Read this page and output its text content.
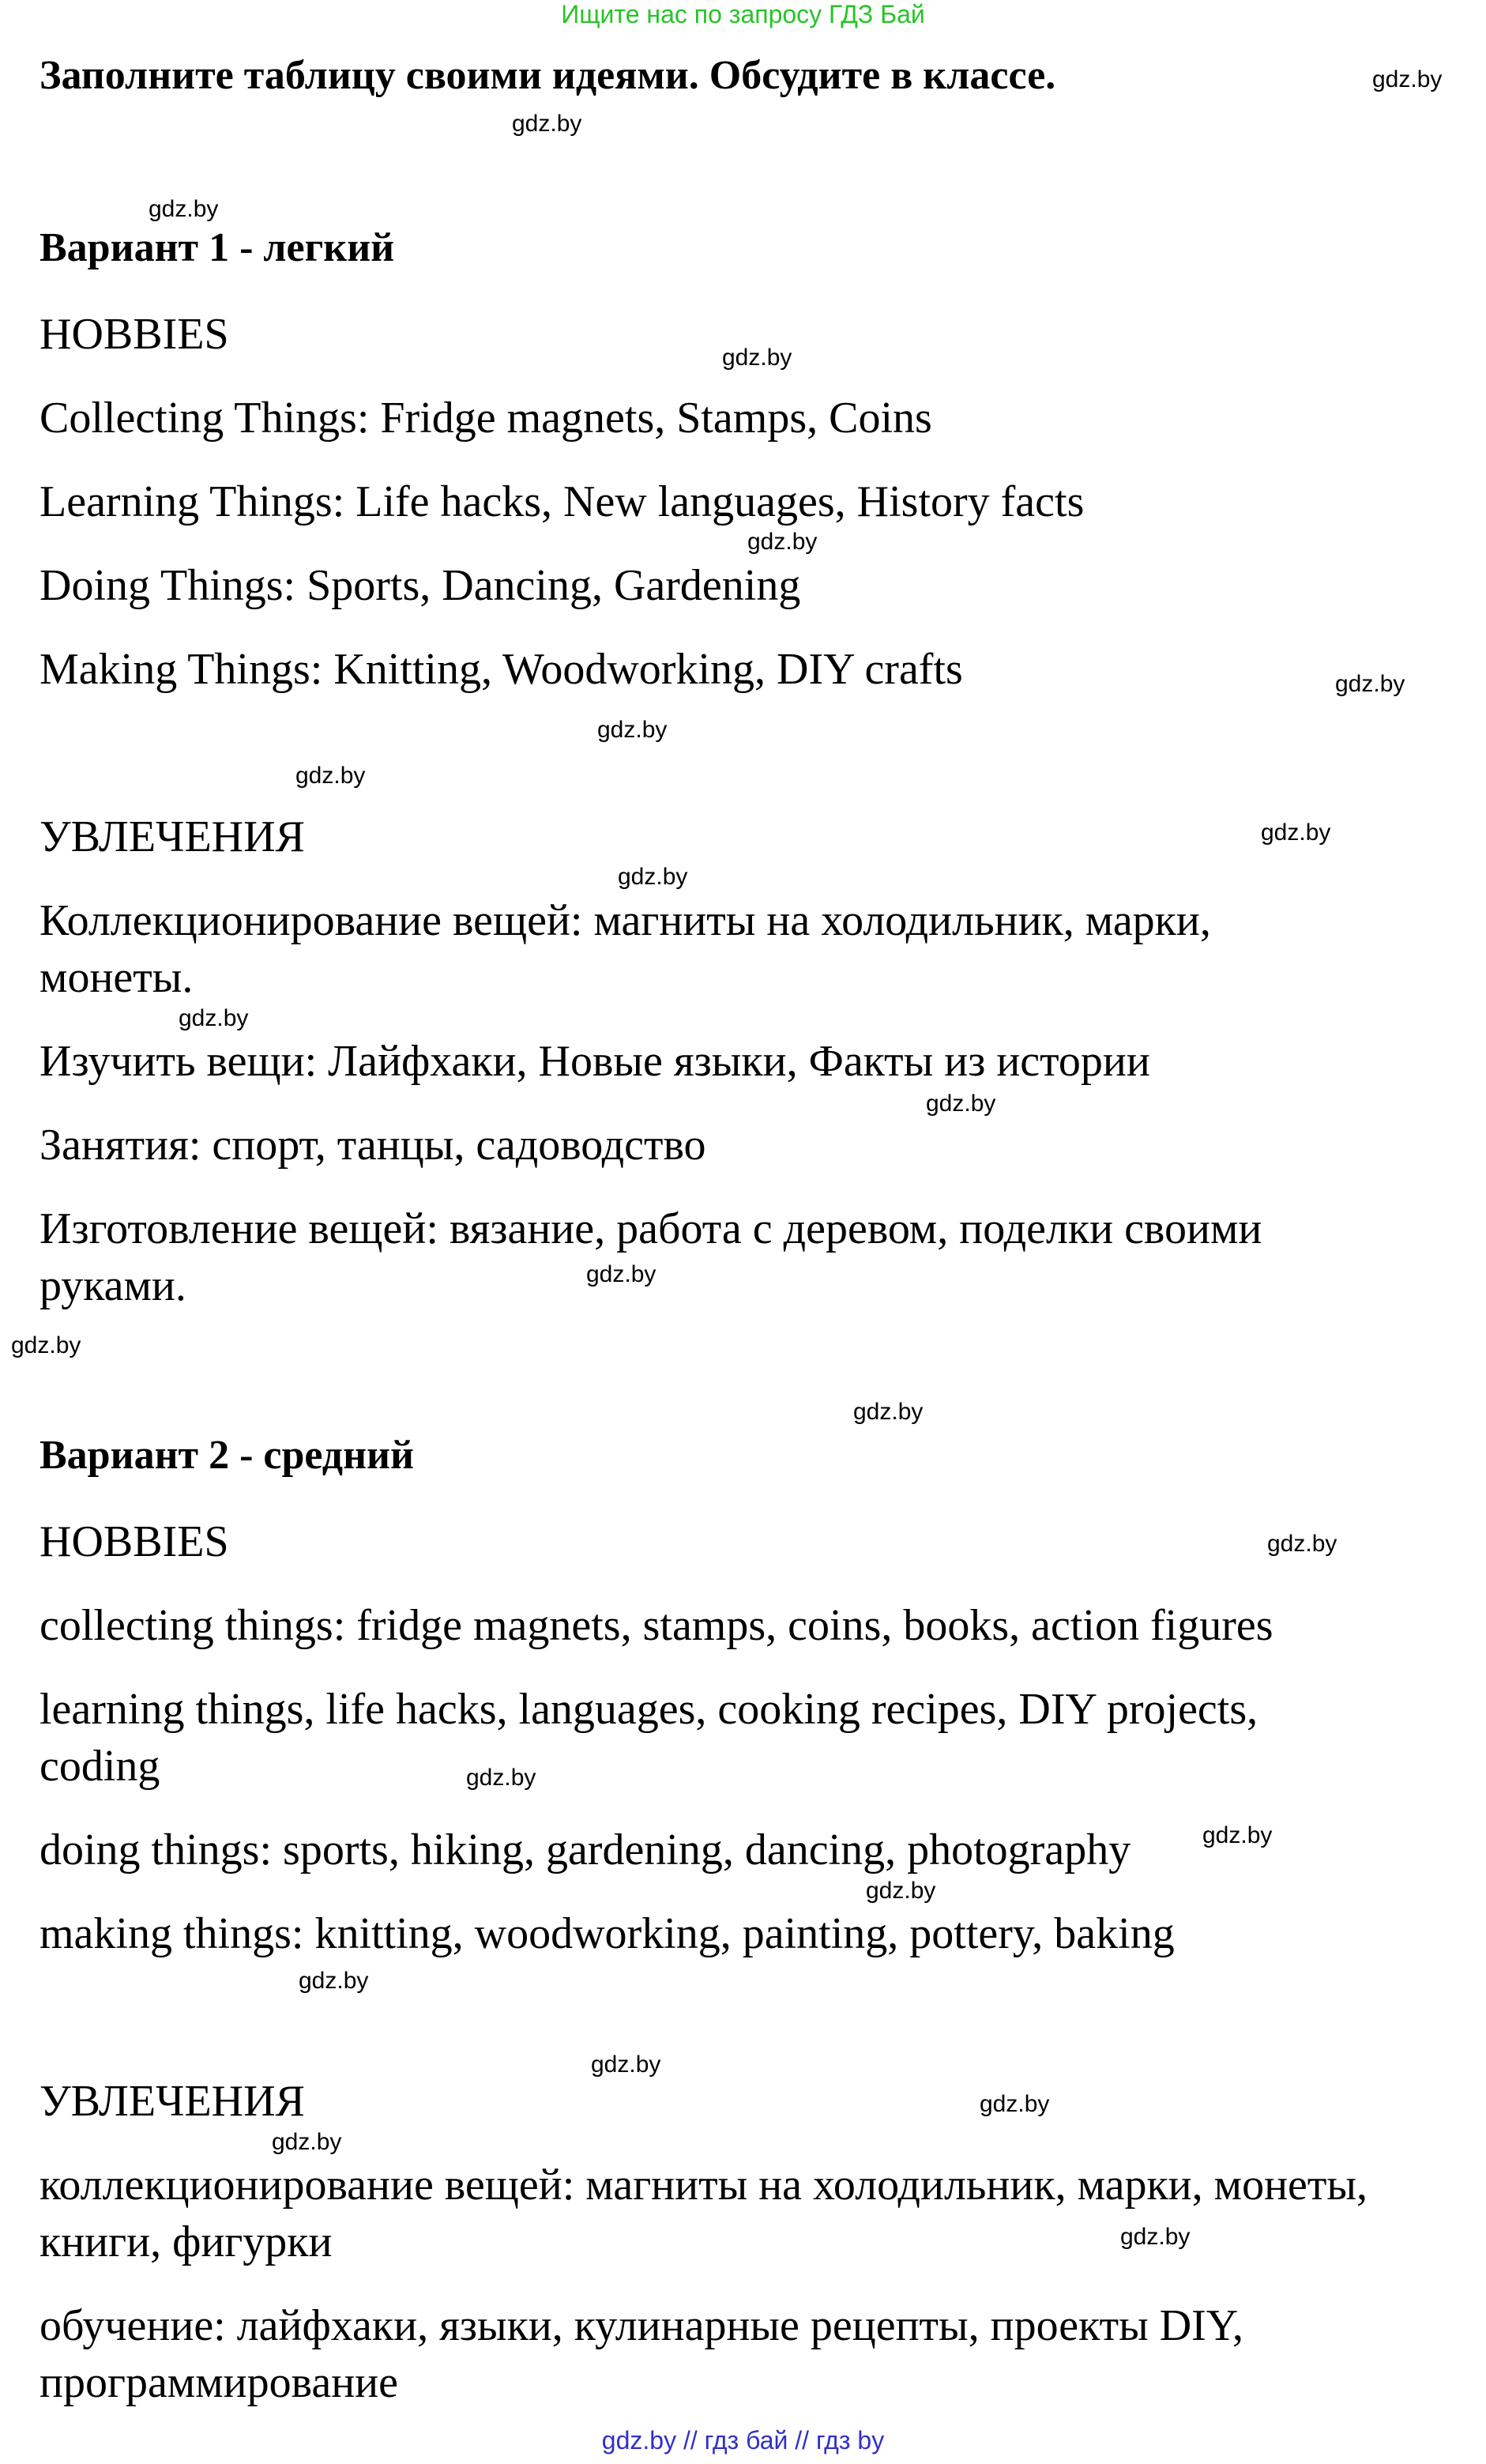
Ищите нас по запросу ГДЗ Бай
Заполните таблицу своими идеями. Обсудите в классе.
Вариант 1 - легкий
HOBBIES
Collecting Things: Fridge magnets, Stamps, Coins
Learning Things: Life hacks, New languages, History facts
Doing Things: Sports, Dancing, Gardening
Making Things: Knitting, Woodworking, DIY crafts
УВЛЕЧЕНИЯ
Коллекционирование вещей: магниты на холодильник, марки,
монеты.
Изучить вещи: Лайфхаки, Новые языки, Факты из истории
Занятия: спорт, танцы, садоводство
Изготовление вещей: вязание, работа с деревом, поделки своими
руками.
Вариант 2 - средний
HOBBIES
collecting things: fridge magnets, stamps, coins, books, action figures
learning things, life hacks, languages, cooking recipes, DIY projects,
coding
doing things: sports, hiking, gardening, dancing, photography
making things: knitting, woodworking, painting, pottery, baking
УВЛЕЧЕНИЯ
коллекционирование вещей: магниты на холодильник, марки, монеты,
книги, фигурки
обучение: лайфхаки, языки, кулинарные рецепты, проекты DIY,
программирование
gdz.by
gdz.by
gdz.by
gdz.by
gdz.by
gdz.by
gdz.by
gdz.by
gdz.by
gdz.by
gdz.by
gdz.by
gdz.by
gdz.by
gdz.by
gdz.by
gdz.by
gdz.by
gdz.by
gdz.by
gdz.by
gdz.by
gdz.by
gdz.by
gdz.by // гдз бай // гдз by
